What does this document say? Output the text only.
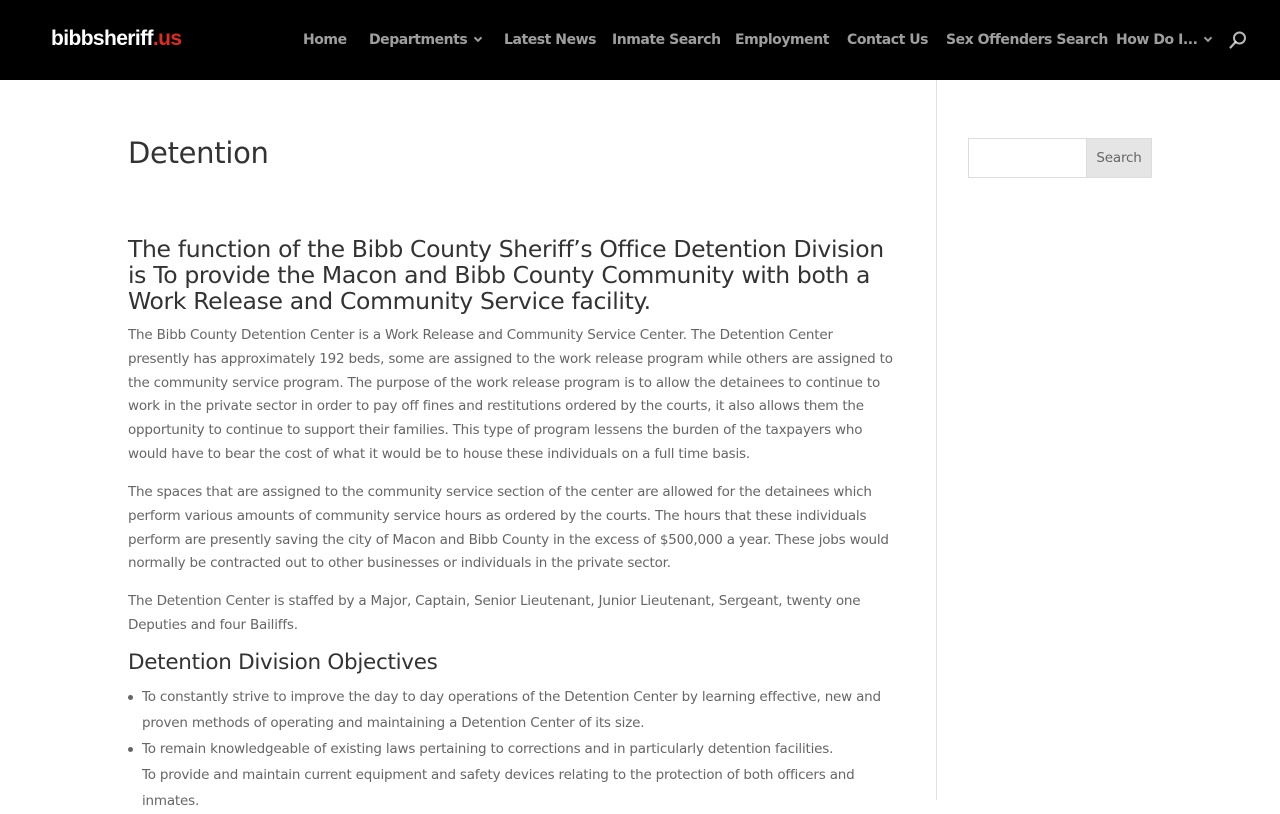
bibbsheriff.us	Home Departments	Latest News Inmate Search Employment Contact Us Sex Offenders Search How Do I...
Detention
The function of the Bibb County Sheriff’s Office Detention Division is To provide the Macon and Bibb County Community with both a Work Release and Community Service facility.

The Bibb County Detention Center is a Work Release and Community Service Center. The Detention Center presently has approximately 192 beds, some are assigned to the work release program while others are assigned to the community service program. The purpose of the work release program is to allow the detainees to continue to work in the private sector in order to pay off fines and restitutions ordered by the courts, it also allows them the opportunity to continue to support their families. This type of program lessens the burden of the taxpayers who would have to bear the cost of what it would be to house these individuals on a full time basis.

The spaces that are assigned to the community service section of the center are allowed for the detainees which perform various amounts of community service hours as ordered by the courts. The hours that these individuals perform are presently saving the city of Macon and Bibb County in the excess of $500,000 a year. These jobs would normally be contracted out to other businesses or individuals in the private sector.

The Detention Center is staffed by a Major, Captain, Senior Lieutenant, Junior Lieutenant, Sergeant, twenty one Deputies and four Bailiffs.

Detention Division Objectives
To constantly strive to improve the day to day operations of the Detention Center by learning effective, new and proven methods of operating and maintaining a Detention Center of its size.
To remain knowledgeable of existing laws pertaining to corrections and in particularly detention facilities.
To provide and maintain current equipment and safety devices relating to the protection of both officers and inmates.
Search
